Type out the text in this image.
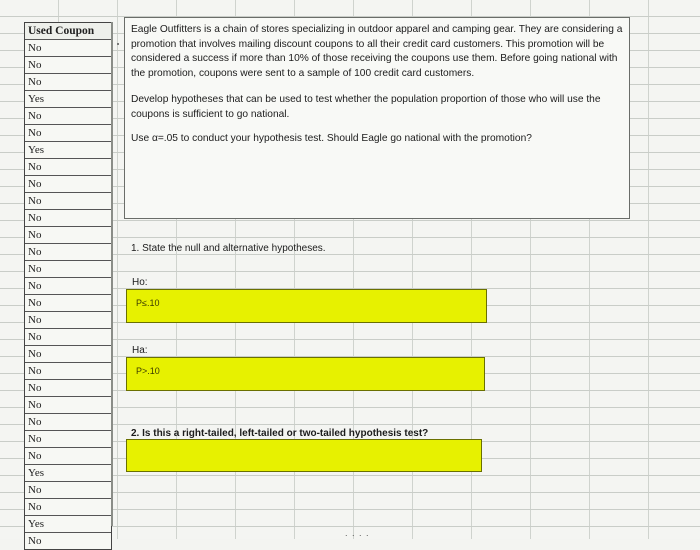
Used Coupon
No
No
No
Yes
No
No
Yes
No
No
No
No
No
No
No
No
No
No
No
No
No
No
No
No
No
No
Yes
No
No
Yes
No

Eagle Outfitters is a chain of stores specializing in outdoor apparel and camping gear. They are considering a promotion that involves mailing discount coupons to all their credit card customers. This promotion will be considered a success if more than 10% of those receiving the coupons use them. Before going national with the promotion, coupons were sent to a sample of 100 credit card customers.

Develop hypotheses that can be used to test whether the population proportion of those who will use the coupons is sufficient to go national.

Use α=.05 to conduct your hypothesis test. Should Eagle go national with the promotion?

1. State the null and alternative hypotheses.
Ho:
P≤.10
Ha:
P>.10
2. Is this a right-tailed, left-tailed or two-tailed hypothesis test?
. . . .
